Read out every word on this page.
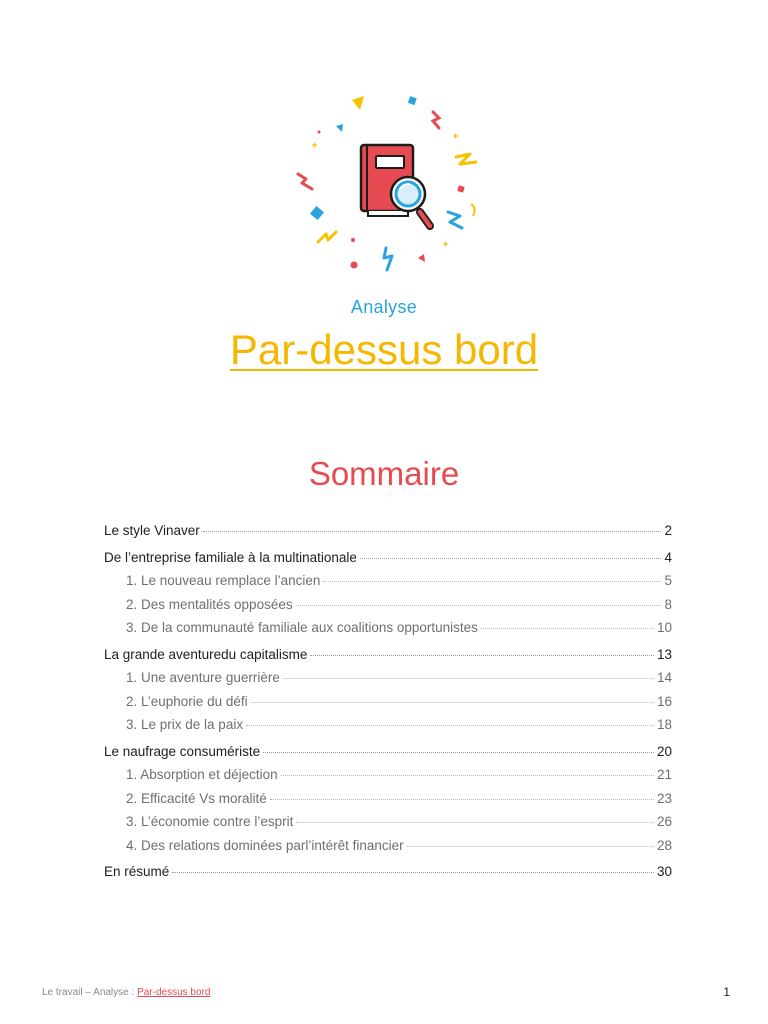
Analyse
Par-dessus bord
Sommaire
Le style Vinaver	2
De l’entreprise familiale à la multinationale	4
1. Le nouveau remplace l’ancien	5
2. Des mentalités opposées	8
3. De la communauté familiale aux coalitions opportunistes	10
La grande aventuredu capitalisme	13
1. Une aventure guerrière	14
2. L’euphorie du défi	16
3. Le prix de la paix	18
Le naufrage consumériste	20
1. Absorption et déjection	21
2. Efficacité Vs moralité	23
3. L’économie contre l’esprit	26
4. Des relations dominées parl’intérêt financier	28
En résumé	30
Le travail – Analyse : Par-dessus bord	1
